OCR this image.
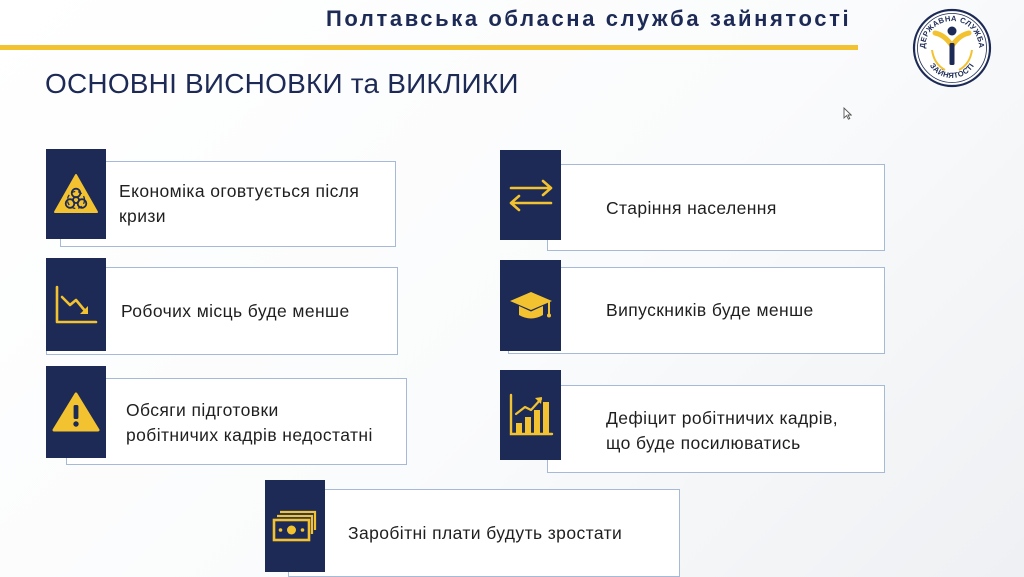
Полтавська обласна служба зайнятості
ДЕРЖАВНА СЛУЖБА
ЗАЙНЯТОСТІ
ОСНОВНІ ВИСНОВКИ та ВИКЛИКИ
Економіка оговтується після
кризи	Старіння населення
Робочих місць буде менше	Випускників буде менше
Обсяги підготовки
робітничих кадрів недостатні
Дефіцит робітничих кадрів,
що буде посилюватись
Заробітні плати будуть зростати
